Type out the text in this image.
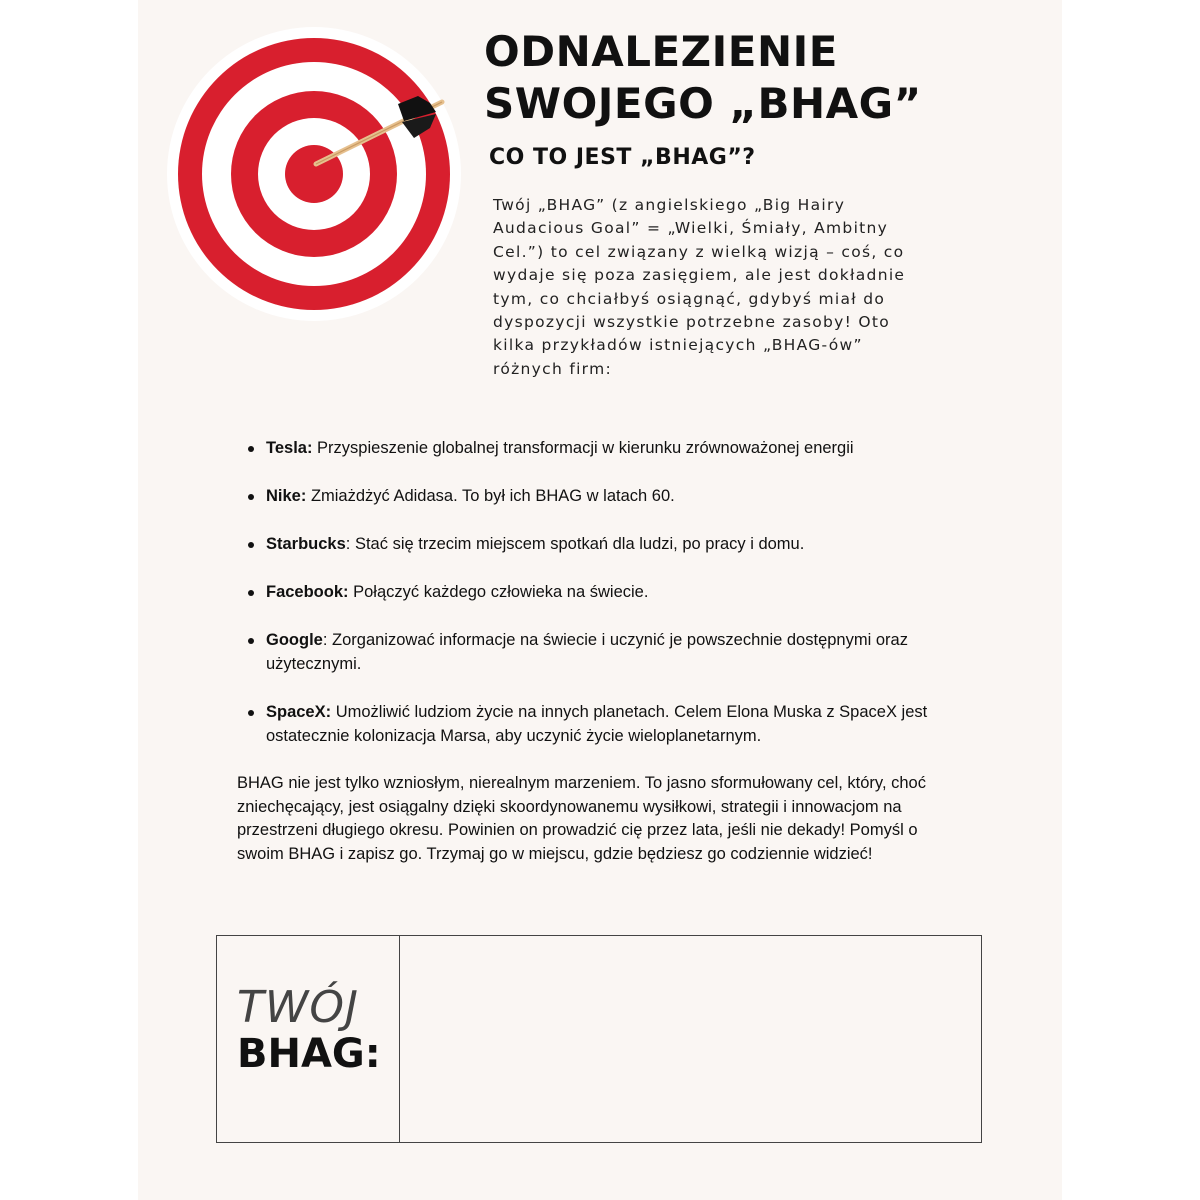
ODNALEZIENIE
SWOJEGO „BHAG”
CO TO JEST „BHAG”?

Twój „BHAG” (z angielskiego „Big Hairy Audacious Goal” = „Wielki, Śmiały, Ambitny Cel.”) to cel związany z wielką wizją – coś, co wydaje się poza zasięgiem, ale jest dokładnie tym, co chciałbyś osiągnąć, gdybyś miał do dyspozycji wszystkie potrzebne zasoby! Oto kilka przykładów istniejących „BHAG-ów” różnych firm:

Tesla: Przyspieszenie globalnej transformacji w kierunku zrównoważonej energii
Nike: Zmiażdżyć Adidasa. To był ich BHAG w latach 60.
Starbucks: Stać się trzecim miejscem spotkań dla ludzi, po pracy i domu.
Facebook: Połączyć każdego człowieka na świecie.
Google: Zorganizować informacje na świecie i uczynić je powszechnie dostępnymi oraz użytecznymi.
SpaceX: Umożliwić ludziom życie na innych planetach. Celem Elona Muska z SpaceX jest ostatecznie kolonizacja Marsa, aby uczynić życie wieloplanetarnym.

BHAG nie jest tylko wzniosłym, nierealnym marzeniem. To jasno sformułowany cel, który, choć zniechęcający, jest osiągalny dzięki skoordynowanemu wysiłkowi, strategii i innowacjom na przestrzeni długiego okresu. Powinien on prowadzić cię przez lata, jeśli nie dekady! Pomyśl o swoim BHAG i zapisz go. Trzymaj go w miejscu, gdzie będziesz go codziennie widzieć!

TWÓJ
BHAG:
